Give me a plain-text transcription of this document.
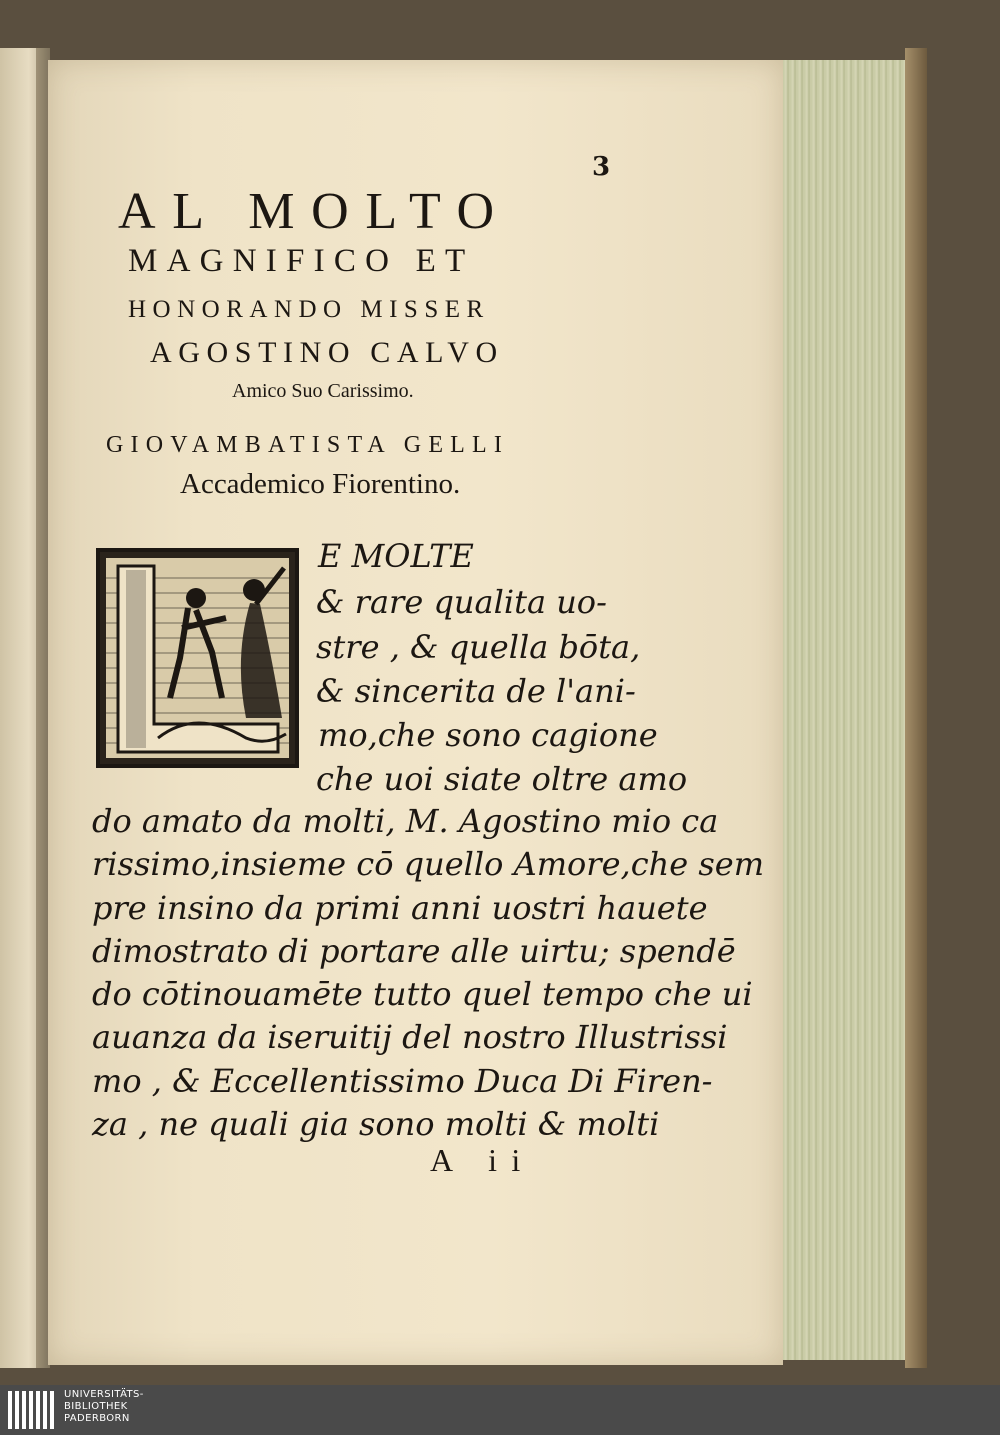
3
AL MOLTO
MAGNIFICO ET
HONORANDO MISSER
AGOSTINO CALVO
Amico Suo Carissimo.
GIOVAMBATISTA GELLI
Accademico Fiorentino.
E MOLTE
& rare qualita uo-
stre , & quella bōta,
& sincerita de l'ani-
mo,che sono cagione
che uoi siate oltre amo
do amato da molti, M. Agostino mio ca
rissimo,insieme cō quello Amore,che sem
pre insino da primi anni uostri hauete
dimostrato di portare alle uirtu; spendē
do cōtinouamēte tutto quel tempo che ui
auanza da iseruitij del nostro Illustrissi
mo , & Eccellentissimo Duca Di Firen-
za , ne quali gia sono molti & molti
A ii
UNIVERSITÄTS-
BIBLIOTHEK
PADERBORN
